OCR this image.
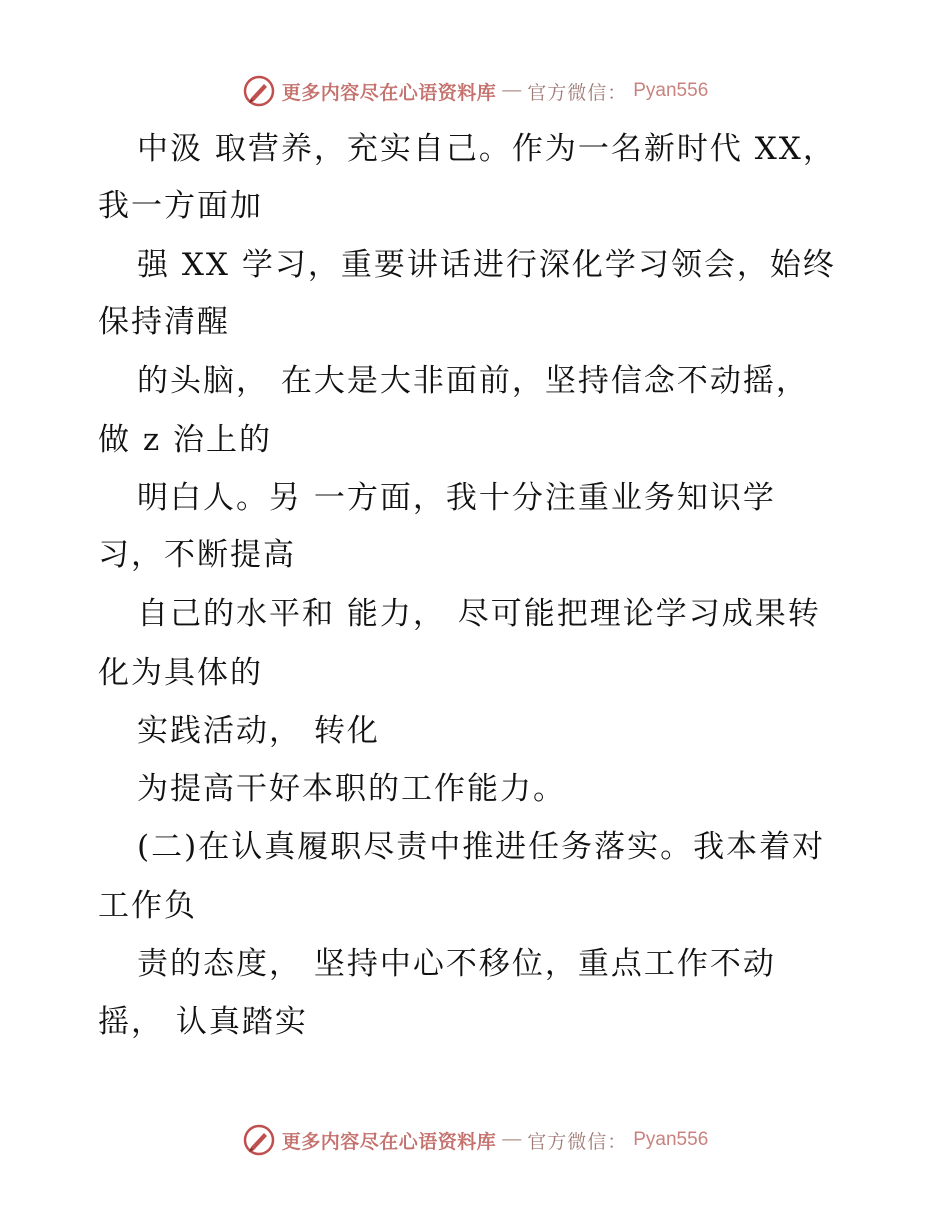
更多内容尽在心语资料库 — 官方微信： Pyan556
中汲 取营养，充实自己。作为一名新时代 XX，
我一方面加
强 XX 学习，重要讲话进行深化学习领会，始终
保持清醒
的头脑， 在大是大非面前，坚持信念不动摇，
做 z 治上的
明白人。另 一方面，我十分注重业务知识学
习，不断提高
自己的水平和 能力， 尽可能把理论学习成果转
化为具体的
实践活动， 转化
为提高干好本职的工作能力。
(二)在认真履职尽责中推进任务落实。我本着对
工作负
责的态度， 坚持中心不移位，重点工作不动
摇， 认真踏实
更多内容尽在心语资料库 — 官方微信： Pyan556
